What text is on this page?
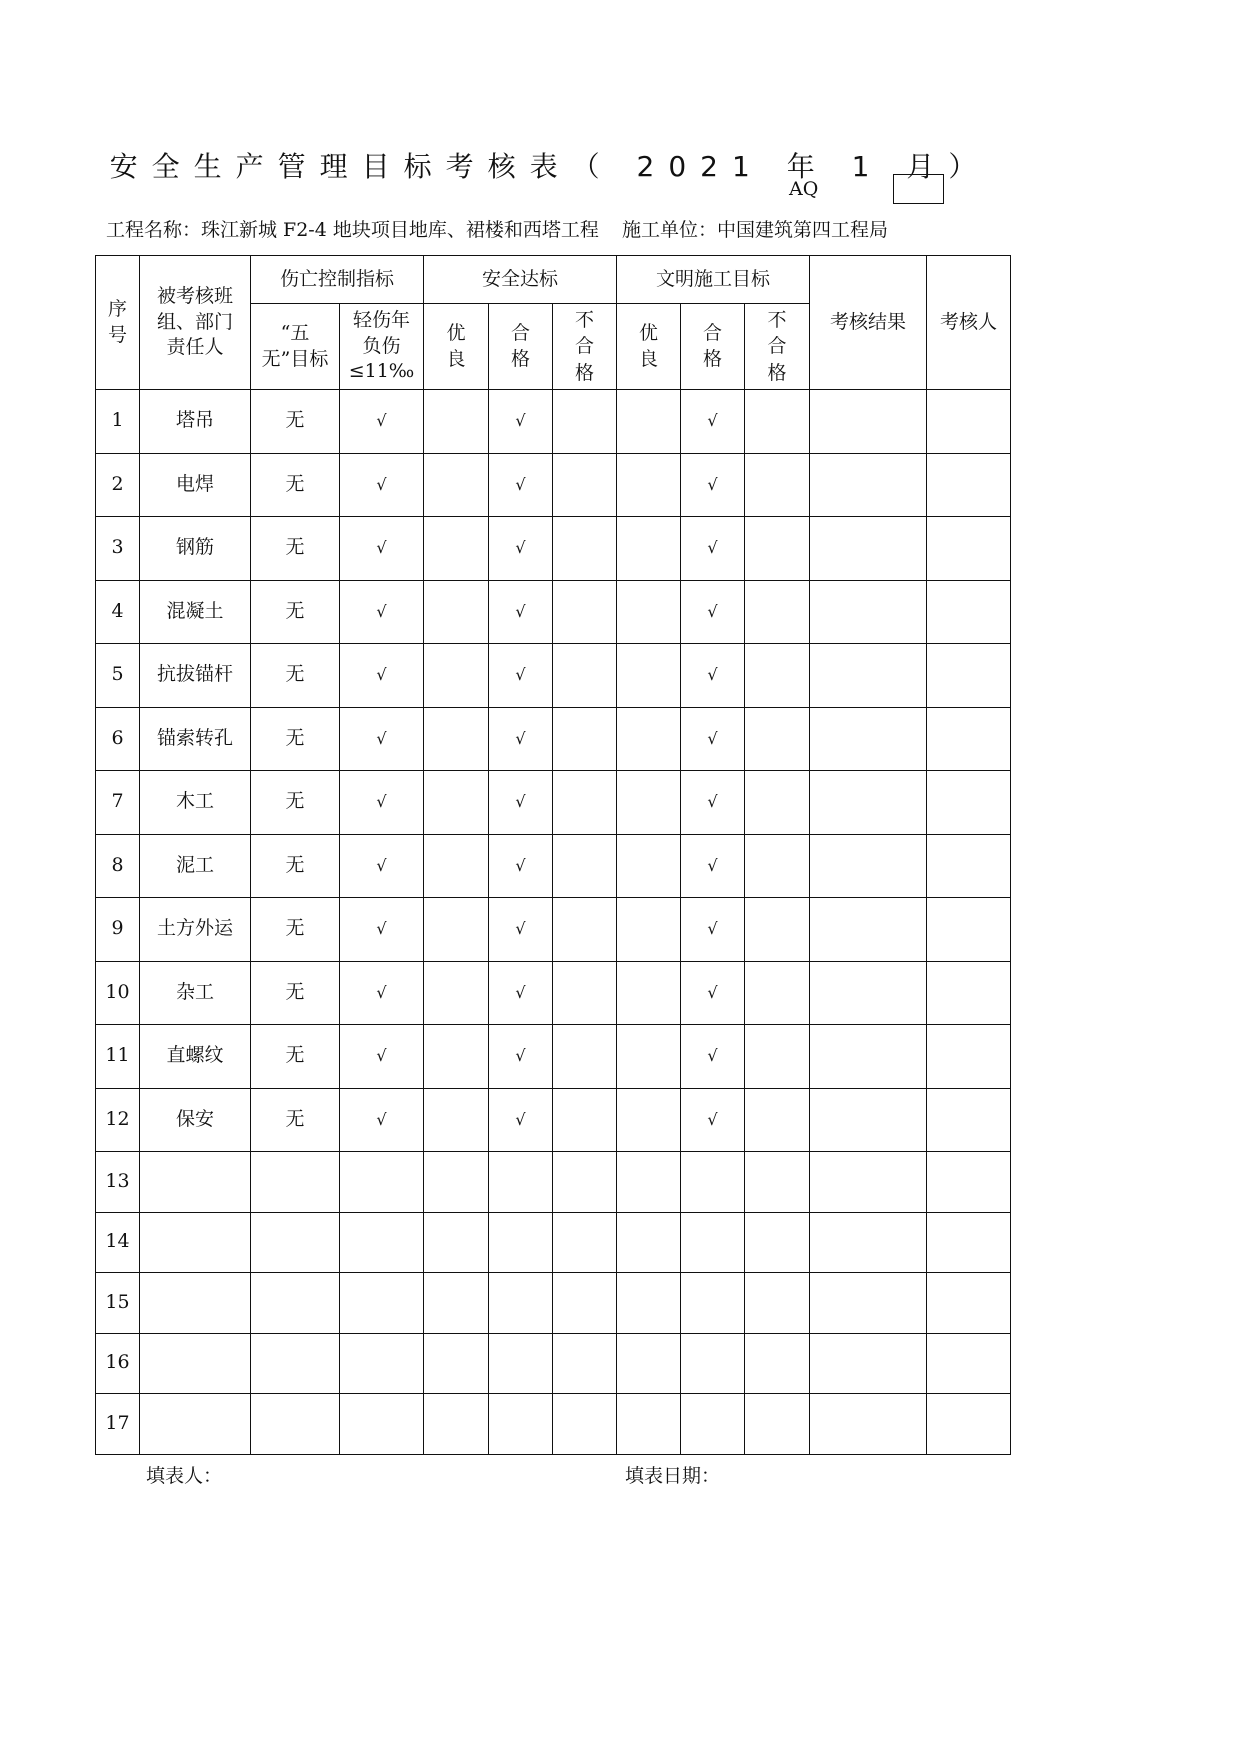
安全生产管理目标考核表（ 2021 年 1 月）
AQ
工程名称：珠江新城 F2-4 地块项目地库、裙楼和西塔工程 施工单位：中国建筑第四工程局
序号	被考核班组、部门责任人	伤亡控制指标		安全达标			文明施工目标			考核结果	考核人
		“五无”目标	轻伤年负伤≤11‰	优良	合格	不合格	优良	合格	不合格		
1	塔吊	无	√		√			√			
2	电焊	无	√		√			√			
3	钢筋	无	√		√			√			
4	混凝土	无	√		√			√			
5	抗拔锚杆	无	√		√			√			
6	锚索转孔	无	√		√			√			
7	木工	无	√		√			√			
8	泥工	无	√		√			√			
9	土方外运	无	√		√			√			
10	杂工	无	√		√			√			
11	直螺纹	无	√		√			√			
12	保安	无	√		√			√			
13											
14											
15											
16											
17											
填表人：	填表日期：
